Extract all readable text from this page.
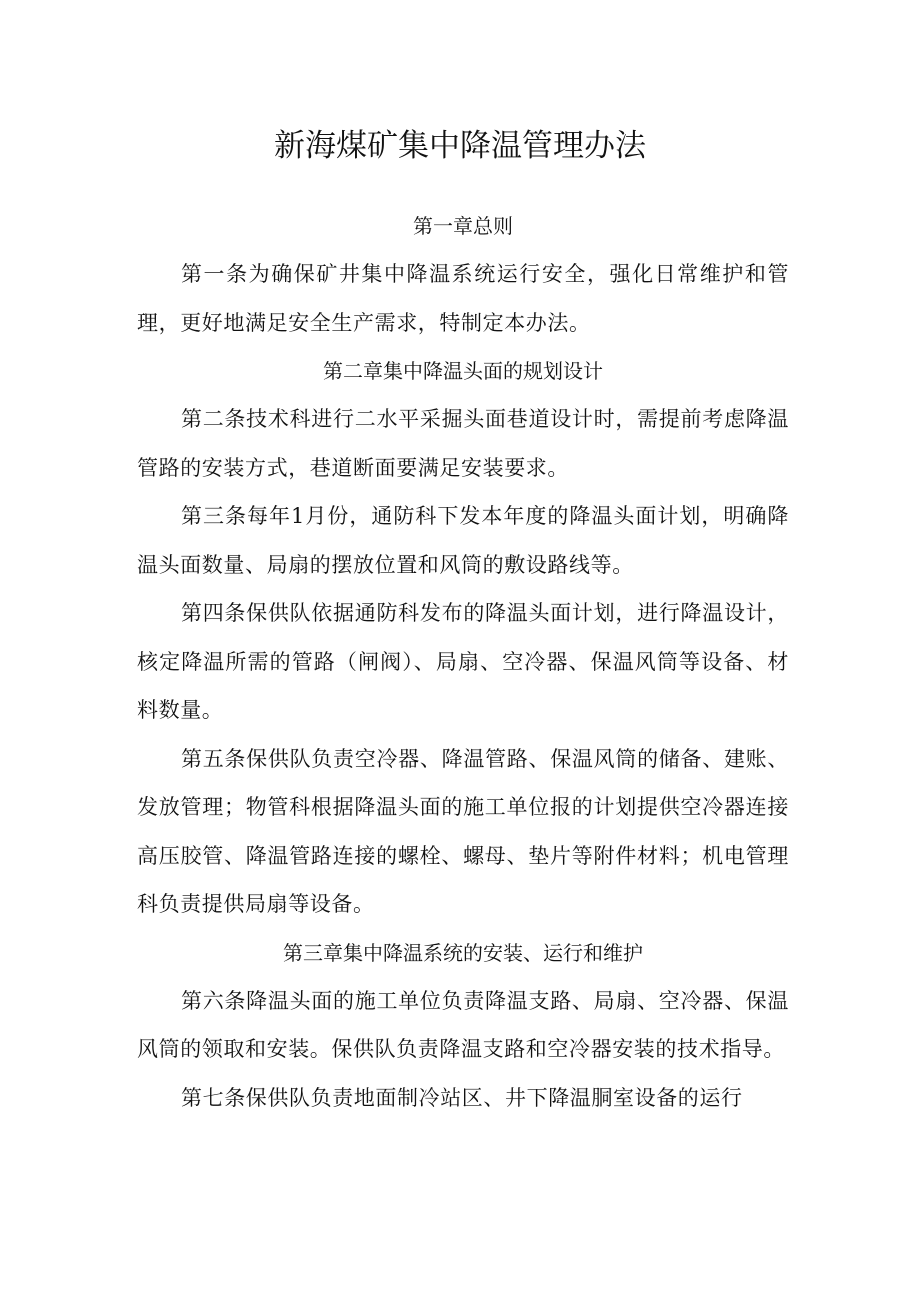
新海煤矿集中降温管理办法

第一章总则

第一条为确保矿井集中降温系统运行安全，强化日常维护和管理，更好地满足安全生产需求，特制定本办法。

第二章集中降温头面的规划设计

第二条技术科进行二水平采掘头面巷道设计时，需提前考虑降温管路的安装方式，巷道断面要满足安装要求。

第三条每年1月份，通防科下发本年度的降温头面计划，明确降温头面数量、局扇的摆放位置和风筒的敷设路线等。

第四条保供队依据通防科发布的降温头面计划，进行降温设计，核定降温所需的管路（闸阀）、局扇、空冷器、保温风筒等设备、材料数量。

第五条保供队负责空冷器、降温管路、保温风筒的储备、建账、发放管理；物管科根据降温头面的施工单位报的计划提供空冷器连接高压胶管、降温管路连接的螺栓、螺母、垫片等附件材料；机电管理科负责提供局扇等设备。

第三章集中降温系统的安装、运行和维护

第六条降温头面的施工单位负责降温支路、局扇、空冷器、保温风筒的领取和安装。保供队负责降温支路和空冷器安装的技术指导。

第七条保供队负责地面制冷站区、井下降温胴室设备的运行
